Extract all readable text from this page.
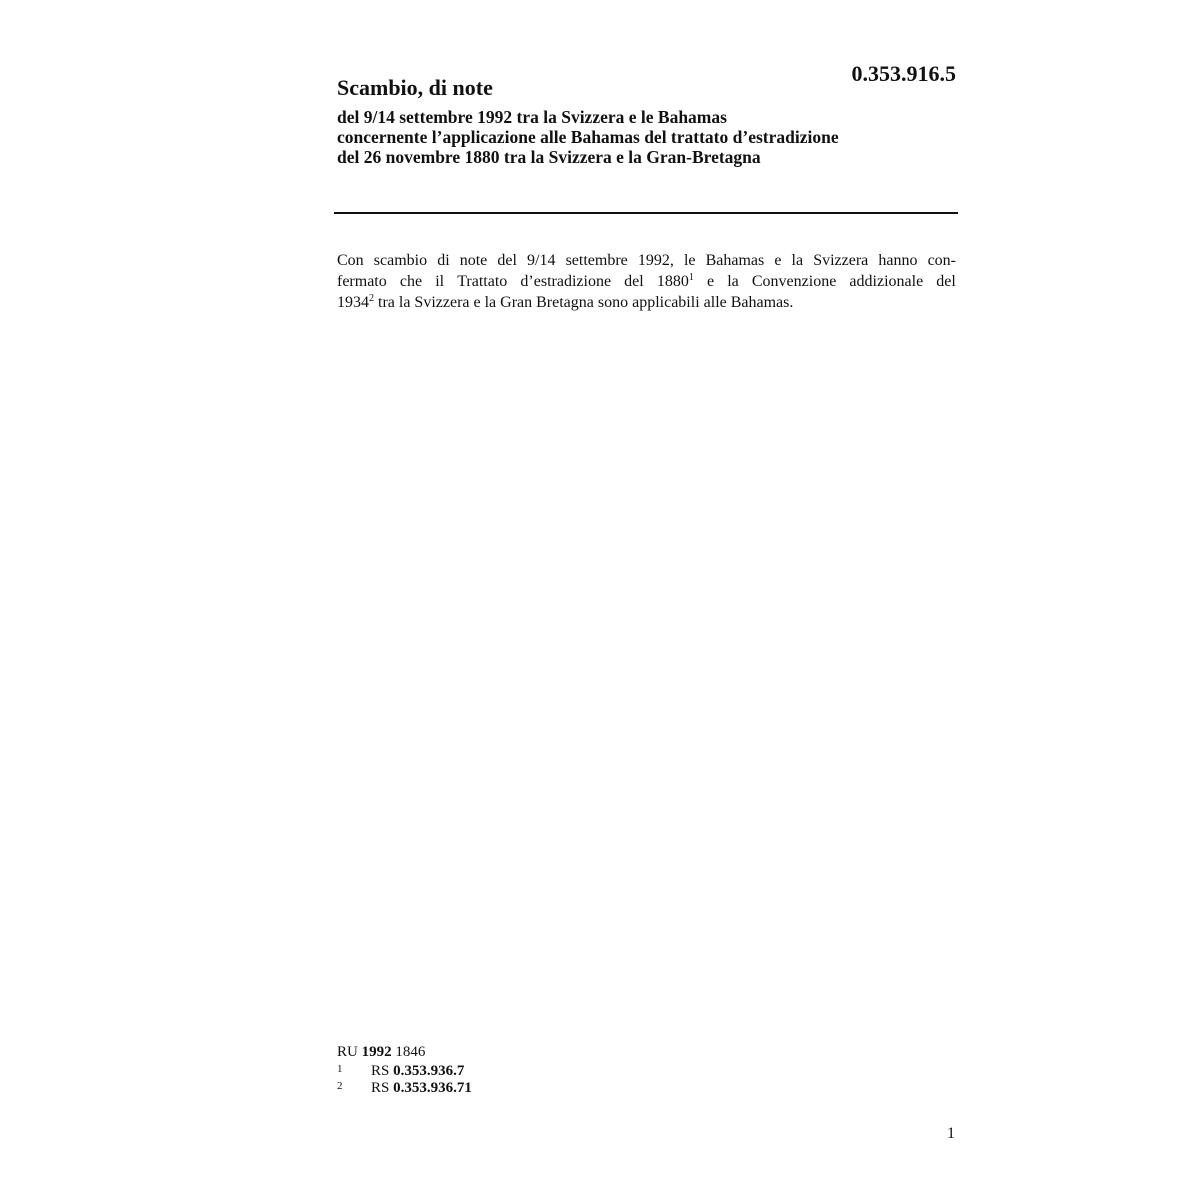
0.353.916.5
Scambio, di note
del 9/14 settembre 1992 tra la Svizzera e le Bahamas
concernente l’applicazione alle Bahamas del trattato d’estradizione
del 26 novembre 1880 tra la Svizzera e la Gran-Bretagna
Con scambio di note del 9/14 settembre 1992, le Bahamas e la Svizzera hanno con-
fermato che il Trattato d’estradizione del 1880$^1$ e la Convenzione addizionale del
1934$^2$ tra la Svizzera e la Gran Bretagna sono applicabili alle Bahamas.
RU 1992 1846
1	RS 0.353.936.7
2	RS 0.353.936.71
1
